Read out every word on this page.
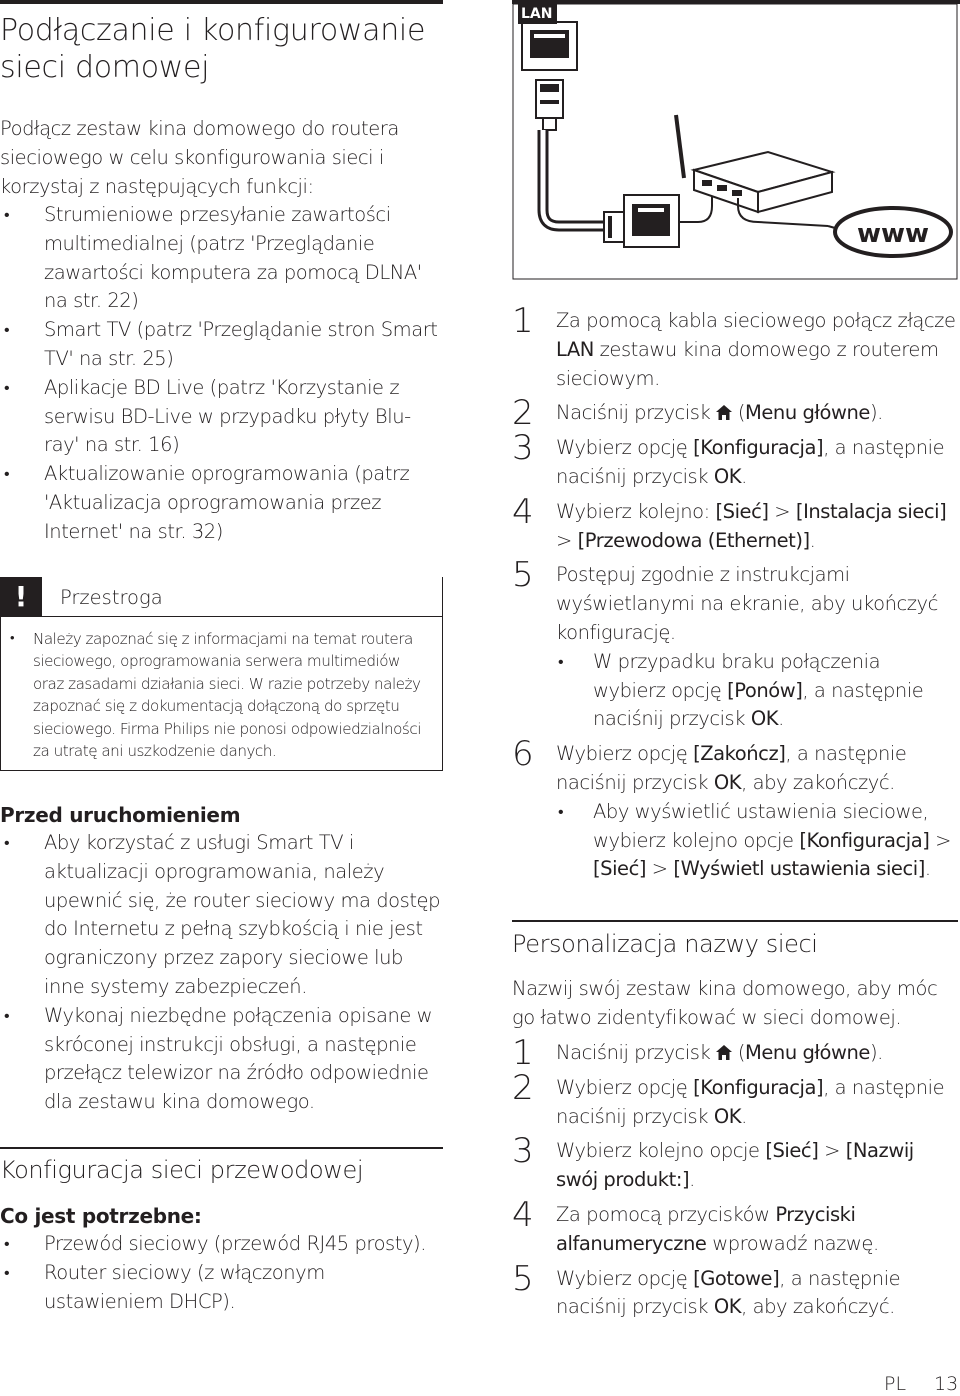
Podłączanie i konfigurowanie sieci domowej

Podłącz zestaw kina domowego do routera sieciowego w celu skonfigurowania sieci i korzystaj z następujących funkcji:

• Strumieniowe przesyłanie zawartości multimedialnej (patrz 'Przeglądanie zawartości komputera za pomocą DLNA' na str. 22)
• Smart TV (patrz 'Przeglądanie stron Smart TV' na str. 25)
• Aplikacje BD Live (patrz 'Korzystanie z serwisu BD-Live w przypadku płyty Blu-ray' na str. 16)
• Aktualizowanie oprogramowania (patrz 'Aktualizacja oprogramowania przez Internet' na str. 32)
!	Przestroga
• Należy zapoznać się z informacjami na temat routera sieciowego, oprogramowania serwera multimediów oraz zasadami działania sieci. W razie potrzeby należy zapoznać się z dokumentacją dołączoną do sprzętu sieciowego. Firma Philips nie ponosi odpowiedzialności za utratę ani uszkodzenie danych.
Przed uruchomieniem
• Aby korzystać z usługi Smart TV i aktualizacji oprogramowania, należy upewnić się, że router sieciowy ma dostęp do Internetu z pełną szybkością i nie jest ograniczony przez zapory sieciowe lub inne systemy zabezpieczeń.
• Wykonaj niezbędne połączenia opisane w skróconej instrukcji obsługi, a następnie przełącz telewizor na źródło odpowiednie dla zestawu kina domowego.
Konfiguracja sieci przewodowej
Co jest potrzebne:
• Przewód sieciowy (przewód RJ45 prosty).
• Router sieciowy (z włączonym ustawieniem DHCP).
www
LAN
1 Za pomocą kabla sieciowego połącz złącze LAN zestawu kina domowego z routerem sieciowym.
2 Naciśnij przycisk  (Menu główne).
3 Wybierz opcję [Konfiguracja], a następnie naciśnij przycisk OK.
4 Wybierz kolejno: [Sieć] > [Instalacja sieci] > [Przewodowa (Ethernet)].
5 Postępuj zgodnie z instrukcjami wyświetlanymi na ekranie, aby ukończyć konfigurację.
• W przypadku braku połączenia wybierz opcję [Ponów], a następnie naciśnij przycisk OK.
6 Wybierz opcję [Zakończ], a następnie naciśnij przycisk OK, aby zakończyć.
• Aby wyświetlić ustawienia sieciowe, wybierz kolejno opcje [Konfiguracja] > [Sieć] > [Wyświetl ustawienia sieci].
Personalizacja nazwy sieci

Nazwij swój zestaw kina domowego, aby móc go łatwo zidentyfikować w sieci domowej.

1 Naciśnij przycisk  (Menu główne).
2 Wybierz opcję [Konfiguracja], a następnie naciśnij przycisk OK.
3 Wybierz kolejno opcje [Sieć] > [Nazwij swój produkt:].
4 Za pomocą przycisków Przyciski alfanumeryczne wprowadź nazwę.
5 Wybierz opcję [Gotowe], a następnie naciśnij przycisk OK, aby zakończyć.
PL 13
